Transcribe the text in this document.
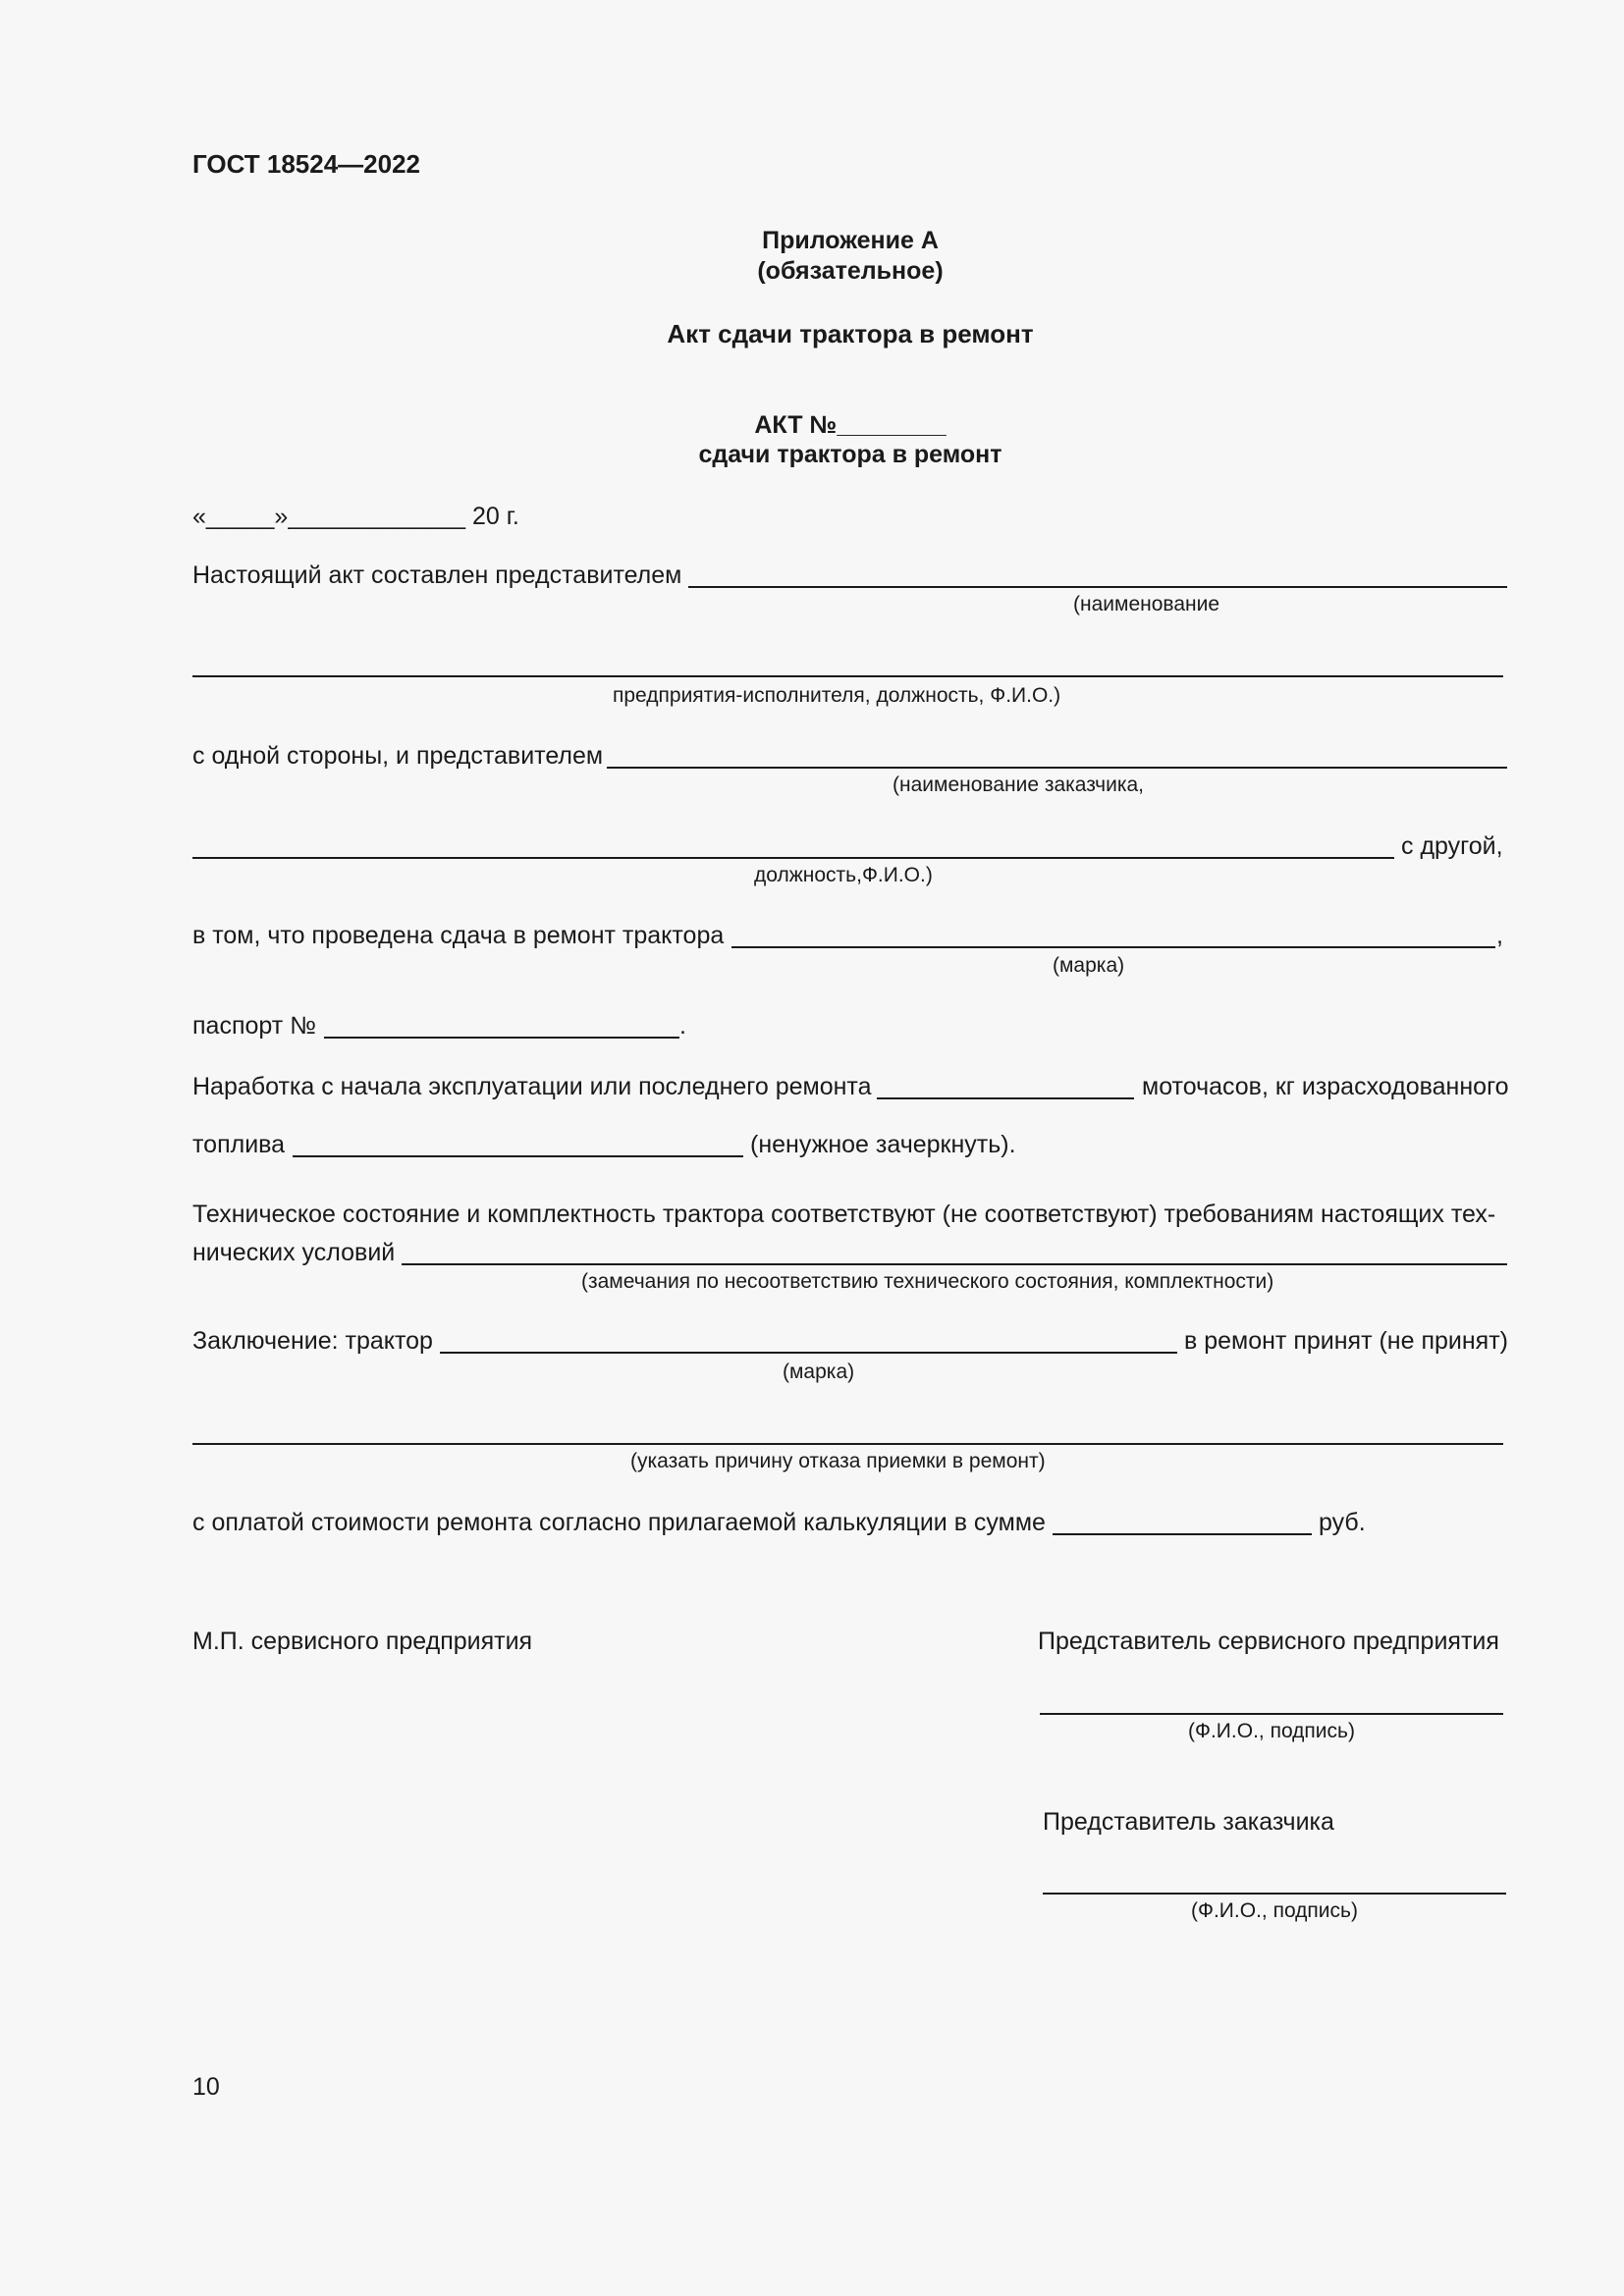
ГОСТ 18524—2022
Приложение А
(обязательное)
Акт сдачи трактора в ремонт
АКТ №________
сдачи трактора в ремонт
«_____»_____________ 20 г.
Настоящий акт составлен представителем
(наименование
предприятия-исполнителя, должность, Ф.И.О.)
с одной стороны, и представителем
(наименование заказчика,
с другой,
должность,Ф.И.О.)
в том, что проведена сдача в ремонт трактора	,
(марка)
паспорт №	.
Наработка с начала эксплуатации или последнего ремонта	моточасов, кг израсходованного
топлива	(ненужное зачеркнуть).
Техническое состояние и комплектность трактора соответствуют (не соответствуют) требованиям настоящих тех-
нических условий
(замечания по несоответствию технического состояния, комплектности)
Заключение: трактор	в ремонт принят (не принят)
(марка)
(указать причину отказа приемки в ремонт)
с оплатой стоимости ремонта согласно прилагаемой калькуляции в сумме	руб.
М.П. сервисного предприятия	Представитель сервисного предприятия
(Ф.И.О., подпись)
Представитель заказчика
(Ф.И.О., подпись)
10
